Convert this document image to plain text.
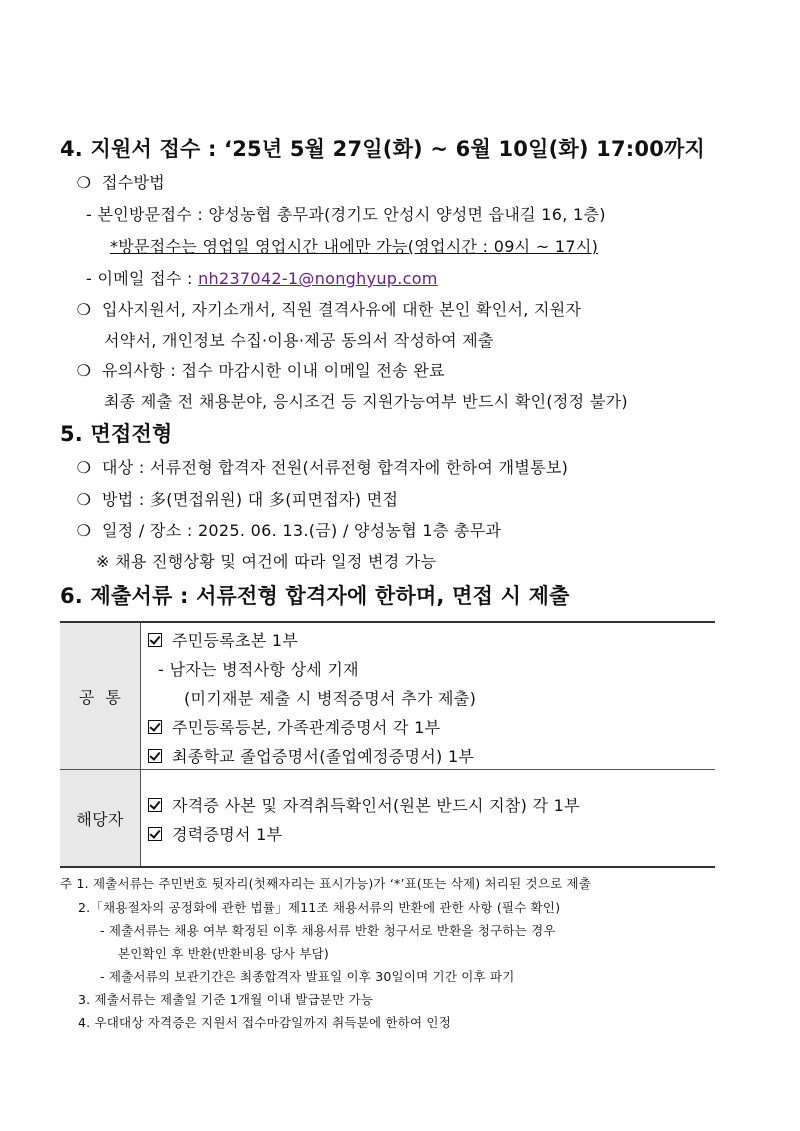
4. 지원서 접수 : ‘25년 5월 27일(화) ~ 6월 10일(화) 17:00까지
❍ 접수방법
- 본인방문접수 : 양성농협 총무과(경기도 안성시 양성면 읍내길 16, 1층)
*방문접수는 영업일 영업시간 내에만 가능(영업시간 : 09시 ~ 17시)
- 이메일 접수 : nh237042-1@nonghyup.com
❍ 입사지원서, 자기소개서, 직원 결격사유에 대한 본인 확인서, 지원자
서약서, 개인정보 수집·이용·제공 동의서 작성하여 제출
❍ 유의사항 : 접수 마감시한 이내 이메일 전송 완료
최종 제출 전 채용분야, 응시조건 등 지원가능여부 반드시 확인(정정 불가)
5. 면접전형
❍ 대상 : 서류전형 합격자 전원(서류전형 합격자에 한하여 개별통보)
❍ 방법 : 多(면접위원) 대 多(피면접자) 면접
❍ 일정 / 장소 : 2025. 06. 13.(금) / 양성농협 1층 총무과
※ 채용 진행상황 및 여건에 따라 일정 변경 가능
6. 제출서류 : 서류전형 합격자에 한하며, 면접 시 제출
공  통
주민등록초본 1부
- 남자는 병적사항 상세 기재
(미기재분 제출 시 병적증명서 추가 제출)
주민등록등본, 가족관계증명서 각 1부
최종학교 졸업증명서(졸업예정증명서) 1부
해당자
자격증 사본 및 자격취득확인서(원본 반드시 지참) 각 1부
경력증명서 1부
주 1. 제출서류는 주민번호 뒷자리(첫째자리는 표시가능)가 ‘*’표(또는 삭제) 처리된 것으로 제출
2.「채용절차의 공정화에 관한 법률」제11조 채용서류의 반환에 관한 사항 (필수 확인)
- 제출서류는 채용 여부 확정된 이후 채용서류 반환 청구서로 반환을 청구하는 경우
본인확인 후 반환(반환비용 당사 부담)
- 제출서류의 보관기간은 최종합격자 발표일 이후 30일이며 기간 이후 파기
3. 제출서류는 제출일 기준 1개월 이내 발급분만 가능
4. 우대대상 자격증은 지원서 접수마감일까지 취득분에 한하여 인정
